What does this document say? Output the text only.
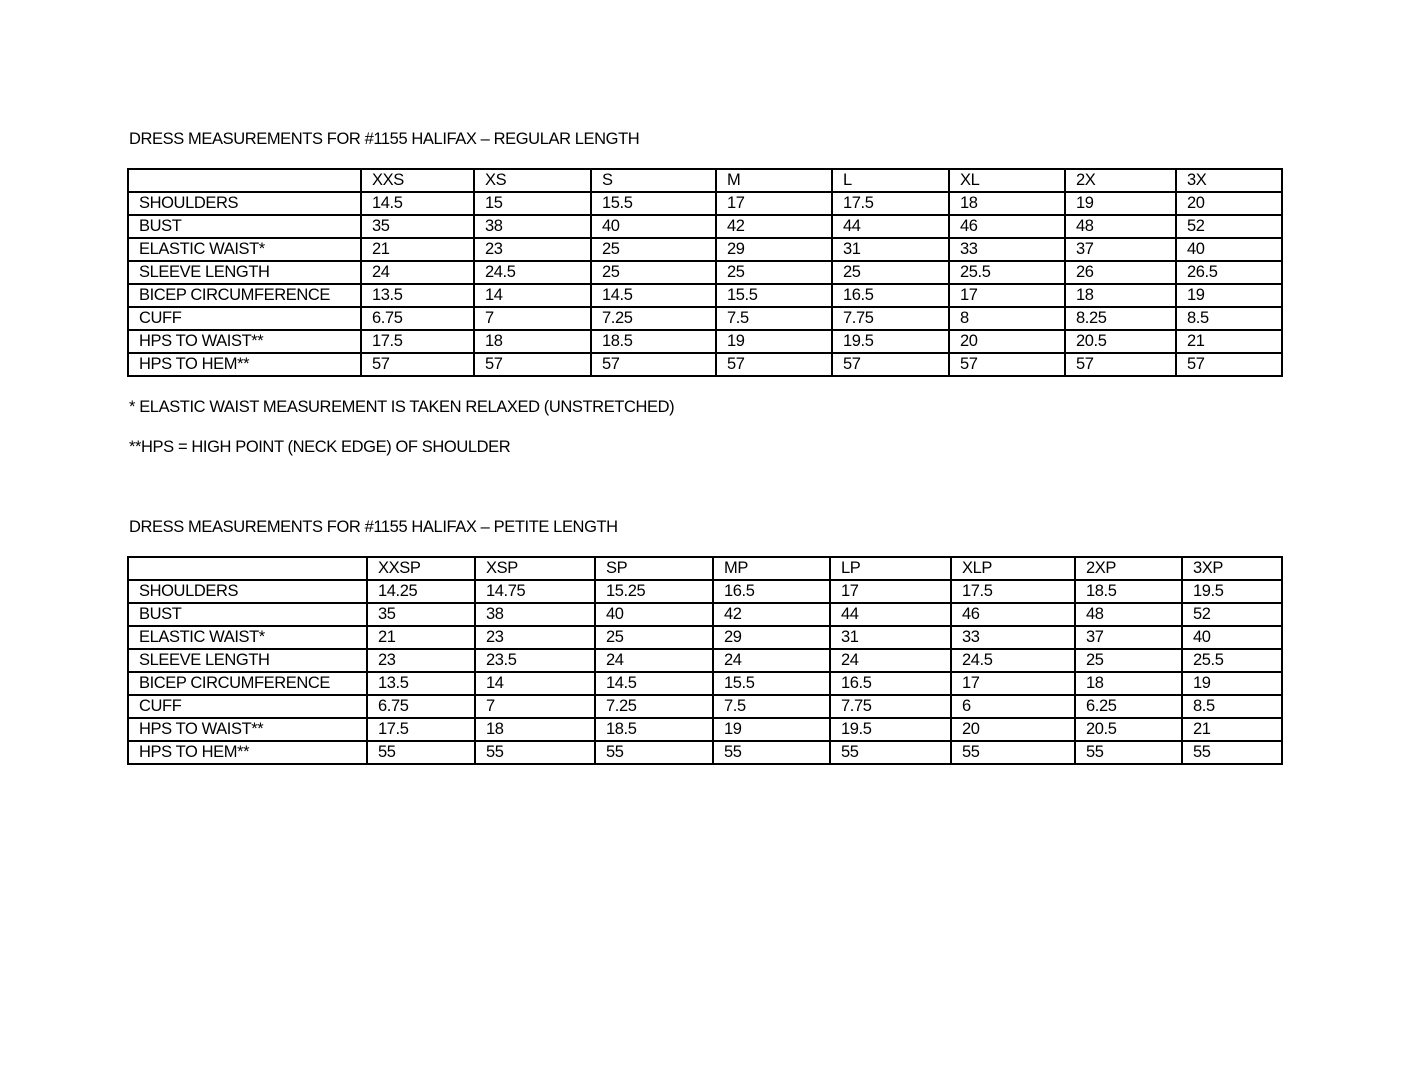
DRESS MEASUREMENTS FOR #1155 HALIFAX – REGULAR LENGTH
	XXS	XS	S	M	L	XL	2X	3X
SHOULDERS	14.5	15	15.5	17	17.5	18	19	20
BUST	35	38	40	42	44	46	48	52
ELASTIC WAIST*	21	23	25	29	31	33	37	40
SLEEVE LENGTH	24	24.5	25	25	25	25.5	26	26.5
BICEP CIRCUMFERENCE	13.5	14	14.5	15.5	16.5	17	18	19
CUFF	6.75	7	7.25	7.5	7.75	8	8.25	8.5
HPS TO WAIST**	17.5	18	18.5	19	19.5	20	20.5	21
HPS TO HEM**	57	57	57	57	57	57	57	57
* ELASTIC WAIST MEASUREMENT IS TAKEN RELAXED (UNSTRETCHED)
**HPS = HIGH POINT (NECK EDGE) OF SHOULDER
DRESS MEASUREMENTS FOR #1155 HALIFAX – PETITE LENGTH
	XXSP	XSP	SP	MP	LP	XLP	2XP	3XP
SHOULDERS	14.25	14.75	15.25	16.5	17	17.5	18.5	19.5
BUST	35	38	40	42	44	46	48	52
ELASTIC WAIST*	21	23	25	29	31	33	37	40
SLEEVE LENGTH	23	23.5	24	24	24	24.5	25	25.5
BICEP CIRCUMFERENCE	13.5	14	14.5	15.5	16.5	17	18	19
CUFF	6.75	7	7.25	7.5	7.75	6	6.25	8.5
HPS TO WAIST**	17.5	18	18.5	19	19.5	20	20.5	21
HPS TO HEM**	55	55	55	55	55	55	55	55
